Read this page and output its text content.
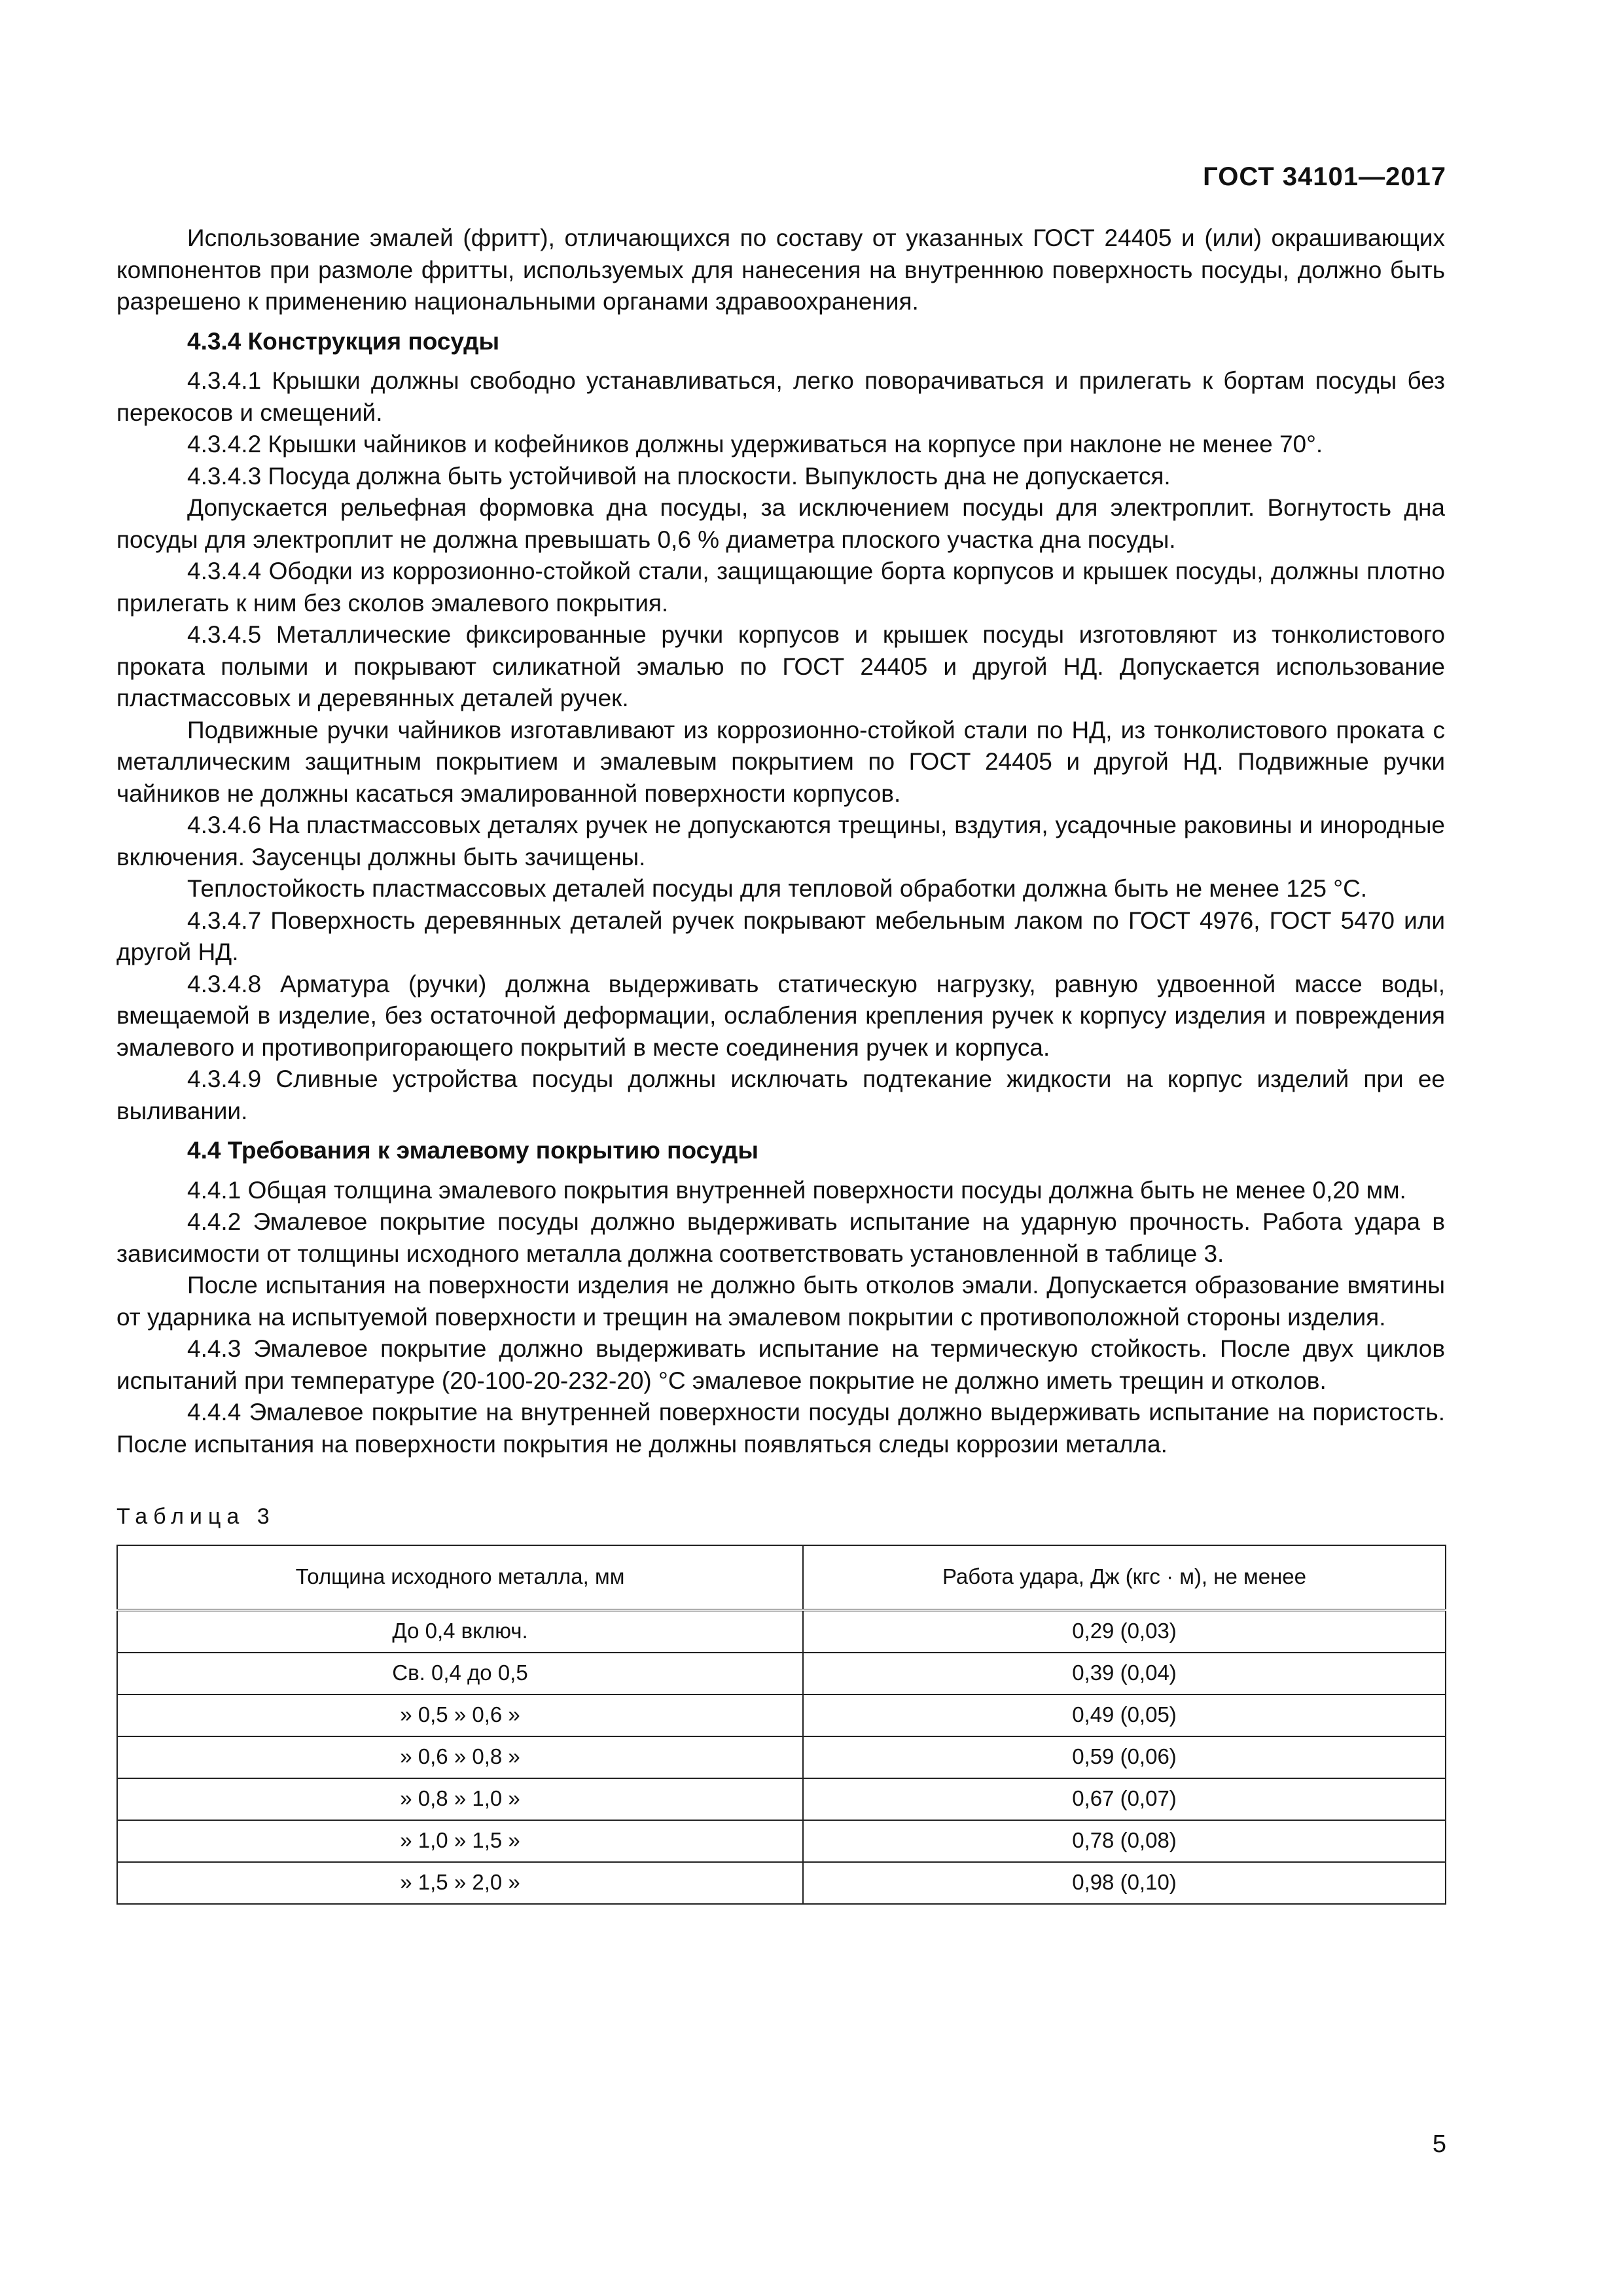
ГОСТ 34101—2017

Использование эмалей (фритт), отличающихся по составу от указанных ГОСТ 24405 и (или) окрашивающих компонентов при размоле фритты, используемых для нанесения на внутреннюю поверхность посуды, должно быть разрешено к применению национальными органами здравоохранения.

4.3.4 Конструкция посуды

4.3.4.1 Крышки должны свободно устанавливаться, легко поворачиваться и прилегать к бортам посуды без перекосов и смещений.

4.3.4.2 Крышки чайников и кофейников должны удерживаться на корпусе при наклоне не менее 70°.

4.3.4.3 Посуда должна быть устойчивой на плоскости. Выпуклость дна не допускается.

Допускается рельефная формовка дна посуды, за исключением посуды для электроплит. Вогнутость дна посуды для электроплит не должна превышать 0,6 % диаметра плоского участка дна посуды.

4.3.4.4 Ободки из коррозионно-стойкой стали, защищающие борта корпусов и крышек посуды, должны плотно прилегать к ним без сколов эмалевого покрытия.

4.3.4.5 Металлические фиксированные ручки корпусов и крышек посуды изготовляют из тонколистового проката полыми и покрывают силикатной эмалью по ГОСТ 24405 и другой НД. Допускается использование пластмассовых и деревянных деталей ручек.

Подвижные ручки чайников изготавливают из коррозионно-стойкой стали по НД, из тонколистового проката с металлическим защитным покрытием и эмалевым покрытием по ГОСТ 24405 и другой НД. Подвижные ручки чайников не должны касаться эмалированной поверхности корпусов.

4.3.4.6 На пластмассовых деталях ручек не допускаются трещины, вздутия, усадочные раковины и инородные включения. Заусенцы должны быть зачищены.

Теплостойкость пластмассовых деталей посуды для тепловой обработки должна быть не менее 125 °С.

4.3.4.7 Поверхность деревянных деталей ручек покрывают мебельным лаком по ГОСТ 4976, ГОСТ 5470 или другой НД.

4.3.4.8 Арматура (ручки) должна выдерживать статическую нагрузку, равную удвоенной массе воды, вмещаемой в изделие, без остаточной деформации, ослабления крепления ручек к корпусу изделия и повреждения эмалевого и противопригорающего покрытий в месте соединения ручек и корпуса.

4.3.4.9 Сливные устройства посуды должны исключать подтекание жидкости на корпус изделий при ее выливании.

4.4 Требования к эмалевому покрытию посуды

4.4.1 Общая толщина эмалевого покрытия внутренней поверхности посуды должна быть не менее 0,20 мм.

4.4.2 Эмалевое покрытие посуды должно выдерживать испытание на ударную прочность. Работа удара в зависимости от толщины исходного металла должна соответствовать установленной в таблице 3.

После испытания на поверхности изделия не должно быть отколов эмали. Допускается образование вмятины от ударника на испытуемой поверхности и трещин на эмалевом покрытии с противоположной стороны изделия.

4.4.3 Эмалевое покрытие должно выдерживать испытание на термическую стойкость. После двух циклов испытаний при температуре (20-100-20-232-20) °С эмалевое покрытие не должно иметь трещин и отколов.

4.4.4 Эмалевое покрытие на внутренней поверхности посуды должно выдерживать испытание на пористость. После испытания на поверхности покрытия не должны появляться следы коррозии металла.

Таблица 3
Толщина исходного металла, мм	Работа удара, Дж (кгс · м), не менее
До 0,4 включ.	0,29 (0,03)
Св. 0,4 до 0,5	0,39 (0,04)
» 0,5 » 0,6 »	0,49 (0,05)
» 0,6 » 0,8 »	0,59 (0,06)
» 0,8 » 1,0 »	0,67 (0,07)
» 1,0 » 1,5 »	0,78 (0,08)
» 1,5 » 2,0 »	0,98 (0,10)
5
